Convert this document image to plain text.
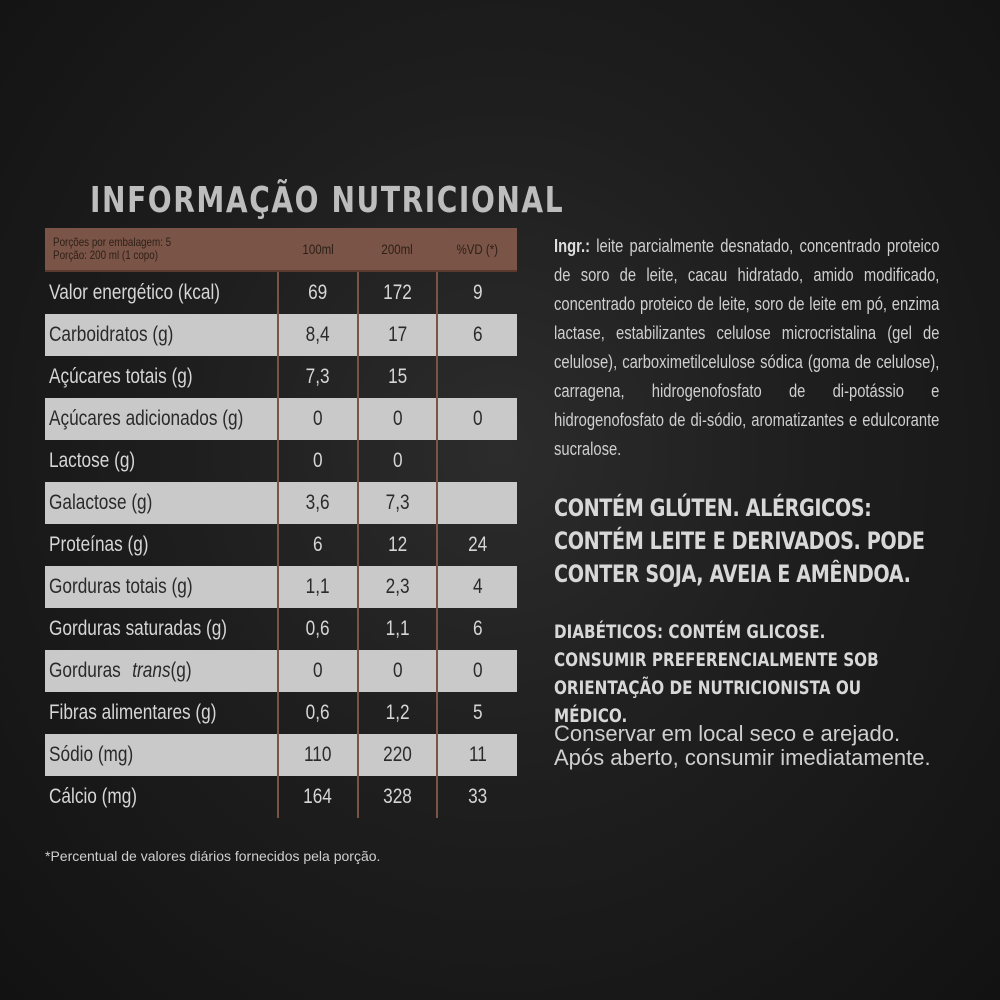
INFORMAÇÃO NUTRICIONAL
Porções por embalagem: 5
Porção: 200 ml (1 copo)	100ml	200ml	%VD (*)
Valor energético (kcal)	69	172	9
Carboidratos (g)	8,4	17	6
Açúcares totais (g)	7,3	15	
Açúcares adicionados (g)	0	0	0
Lactose (g)	0	0	
Galactose (g)	3,6	7,3	
Proteínas (g)	6	12	24
Gorduras totais (g)	1,1	2,3	4
Gorduras saturadas (g)	0,6	1,1	6
Gorduras trans(g)	0	0	0
Fibras alimentares (g)	0,6	1,2	5
Sódio (mg)	110	220	11
Cálcio (mg)	164	328	33
*Percentual de valores diários fornecidos pela porção.
Ingr.: leite parcialmente desnatado, concentrado proteico de soro de leite, cacau hidratado, amido modificado, concentrado proteico de leite, soro de leite em pó, enzima lactase, estabilizantes celulose microcristalina (gel de celulose), carboximetilcelulose sódica (goma de celulose), carragena, hidrogenofosfato de di-potássio e hidrogenofosfato de di-sódio, aromatizantes e edulcorante sucralose.
CONTÉM GLÚTEN. ALÉRGICOS: CONTÉM LEITE E DERIVADOS. PODE CONTER SOJA, AVEIA E AMÊNDOA.
DIABÉTICOS: CONTÉM GLICOSE.
CONSUMIR PREFERENCIALMENTE SOB ORIENTAÇÃO DE NUTRICIONISTA OU MÉDICO.
Conservar em local seco e arejado. Após aberto, consumir imediatamente.
